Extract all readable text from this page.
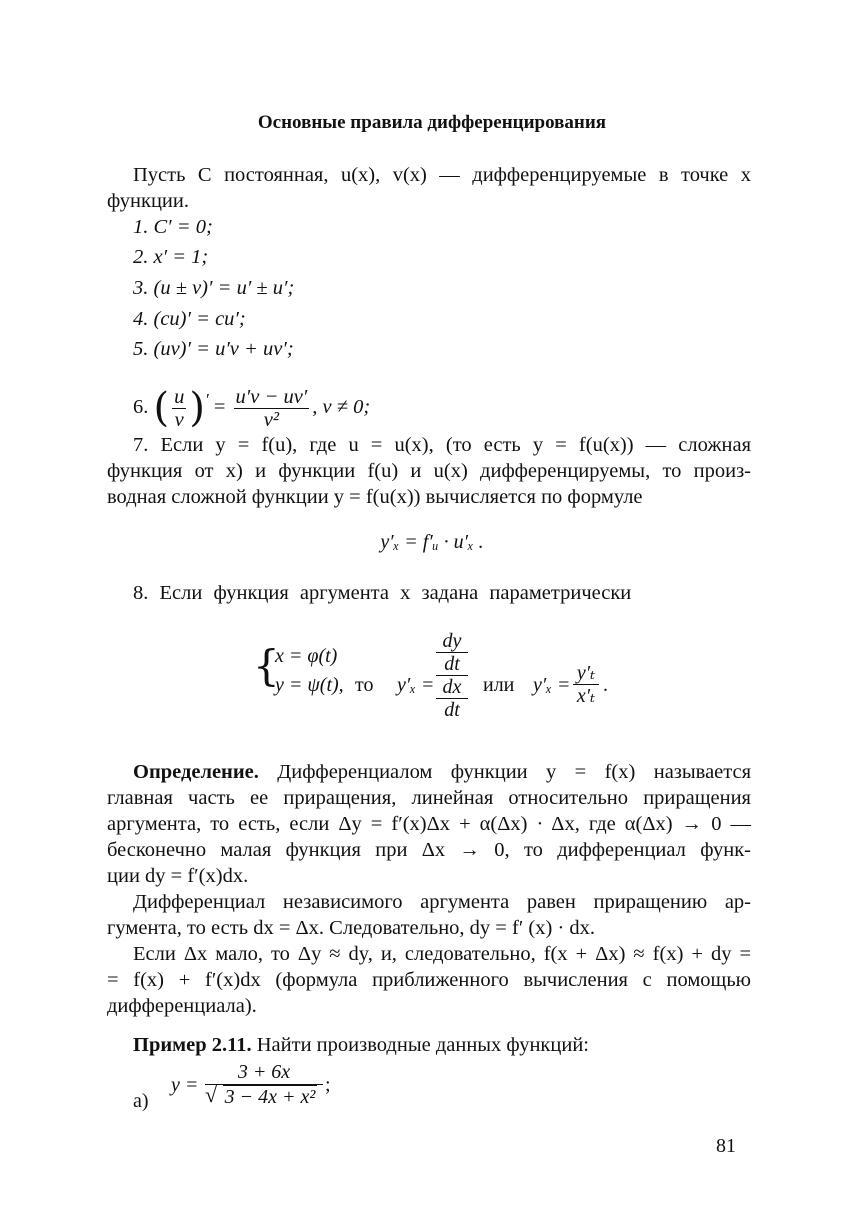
Основные правила дифференцирования
Пусть C постоянная, u(x), v(x) — дифференцируемые в точке x
функции.
1. C′ = 0;
2. x′ = 1;
3. (u ± v)′ = u′ ± u′;
4. (cu)′ = cu′;
5. (uv)′ = u′v + uv′;
6. ( $\frac{u}{v} )' = \frac{u'v - uv'}{\text{v²}}$ , v ≠ 0;
7. Если y = f(u), где u = u(x), (то есть y = f(u(x)) — сложная
функция от x) и функции f(u) и u(x) дифференцируемы, то произ-
водная сложной функции y = f(u(x)) вычисляется по формуле
y′ₓ = f′ᵤ · u′ₓ .
8. Если функция аргумента x задана параметрически
{
x = φ(t)
y = ψ(t), то y′ₓ =
dy
dt
dx
dt
или y′ₓ =
y′ₜ
x′ₜ .
Определение. Дифференциалом функции y = f(x) называется
главная часть ее приращения, линейная относительно приращения
аргумента, то есть, если Δy = f′(x)Δx + α(Δx) · Δx, где α(Δx) → 0 —
бесконечно малая функция при Δx → 0, то дифференциал функ-
ции dy = f′(x)dx.
Дифференциал независимого аргумента равен приращению ар-
гумента, то есть dx = Δx. Следовательно, dy = f′ (x) · dx.
Если Δx мало, то Δy ≈ dy, и, следовательно, f(x + Δx) ≈ f(x) + dy =
= f(x) + f′(x)dx (формула приближенного вычисления с помощью
дифференциала).
Пример 2.11. Найти производные данных функций:
а)
$y = \frac{3 + 6x}{\text{√ 3 − 4x + x²}}$ ;
81
